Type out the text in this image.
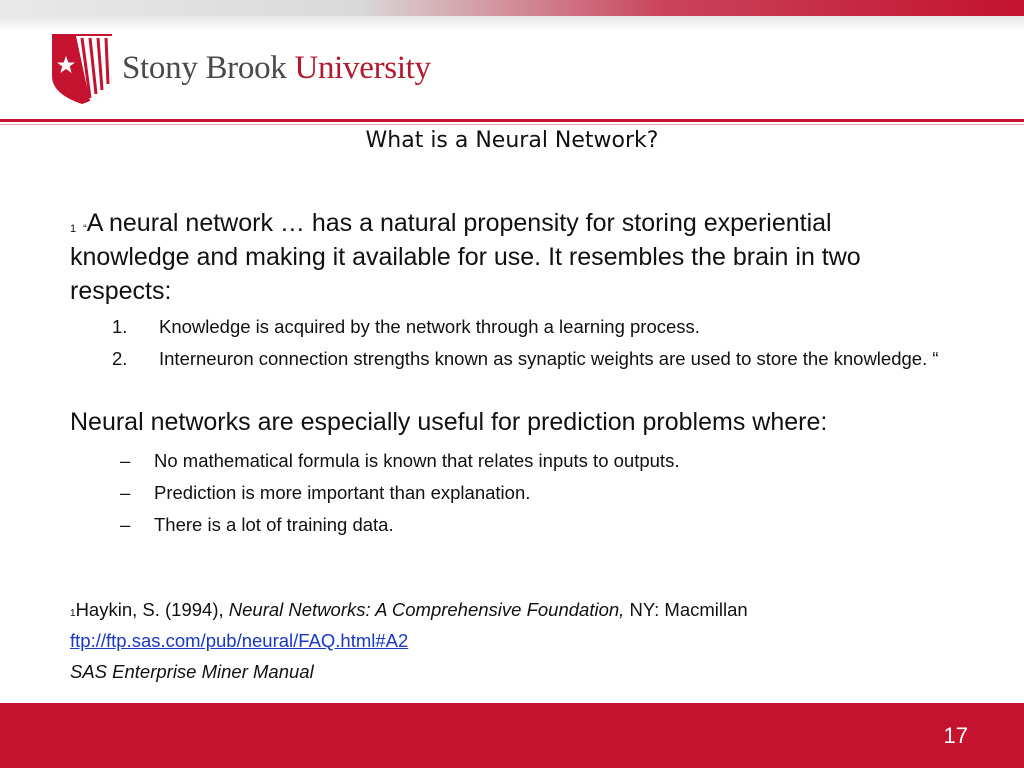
Stony Brook University
What is a Neural Network?
$^1$ “A neural network … has a natural propensity for storing experiential knowledge and making it available for use. It resembles the brain in two respects:
1. Knowledge is acquired by the network through a learning process.
2. Interneuron connection strengths known as synaptic weights are used to store the knowledge. “
Neural networks are especially useful for prediction problems where:
– No mathematical formula is known that relates inputs to outputs.
– Prediction is more important than explanation.
– There is a lot of training data.
$^1$Haykin, S. (1994), Neural Networks: A Comprehensive Foundation, NY: Macmillan
ftp://ftp.sas.com/pub/neural/FAQ.html#A2
SAS Enterprise Miner Manual
17
